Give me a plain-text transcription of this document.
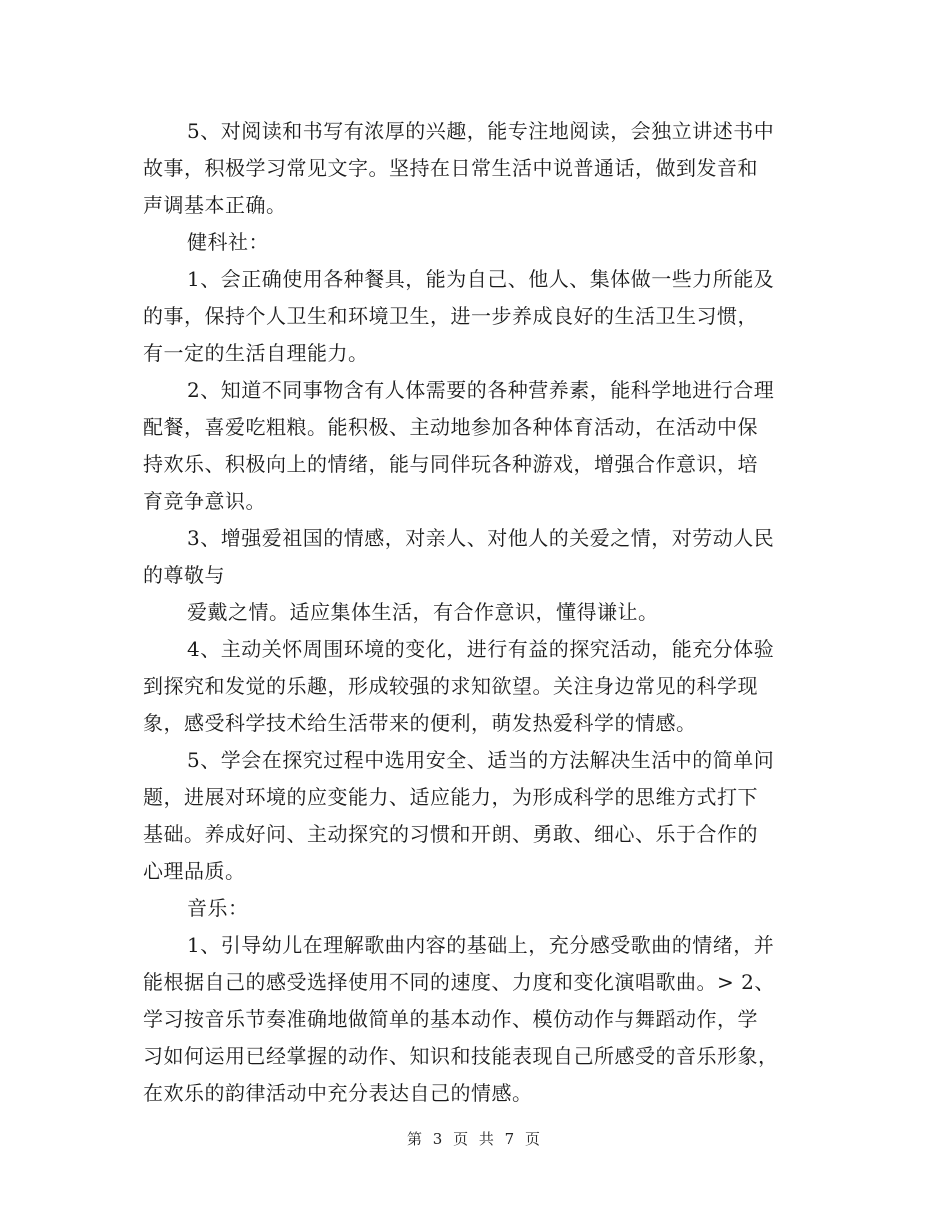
5、对阅读和书写有浓厚的兴趣，能专注地阅读，会独立讲述书中
故事，积极学习常见文字。坚持在日常生活中说普通话，做到发音和
声调基本正确。
健科社：
1、会正确使用各种餐具，能为自己、他人、集体做一些力所能及
的事，保持个人卫生和环境卫生，进一步养成良好的生活卫生习惯，
有一定的生活自理能力。
2、知道不同事物含有人体需要的各种营养素，能科学地进行合理
配餐，喜爱吃粗粮。能积极、主动地参加各种体育活动，在活动中保
持欢乐、积极向上的情绪，能与同伴玩各种游戏，增强合作意识，培
育竞争意识。
3、增强爱祖国的情感，对亲人、对他人的关爱之情，对劳动人民
的尊敬与
爱戴之情。适应集体生活，有合作意识，懂得谦让。
4、主动关怀周围环境的变化，进行有益的探究活动，能充分体验
到探究和发觉的乐趣，形成较强的求知欲望。关注身边常见的科学现
象，感受科学技术给生活带来的便利，萌发热爱科学的情感。
5、学会在探究过程中选用安全、适当的方法解决生活中的简单问
题，进展对环境的应变能力、适应能力，为形成科学的思维方式打下
基础。养成好问、主动探究的习惯和开朗、勇敢、细心、乐于合作的
心理品质。
音乐：
1、引导幼儿在理解歌曲内容的基础上，充分感受歌曲的情绪，并
能根据自己的感受选择使用不同的速度、力度和变化演唱歌曲。> 2、
学习按音乐节奏准确地做简单的基本动作、模仿动作与舞蹈动作，学
习如何运用已经掌握的动作、知识和技能表现自己所感受的音乐形象，
在欢乐的韵律活动中充分表达自己的情感。
第 3 页 共 7 页
